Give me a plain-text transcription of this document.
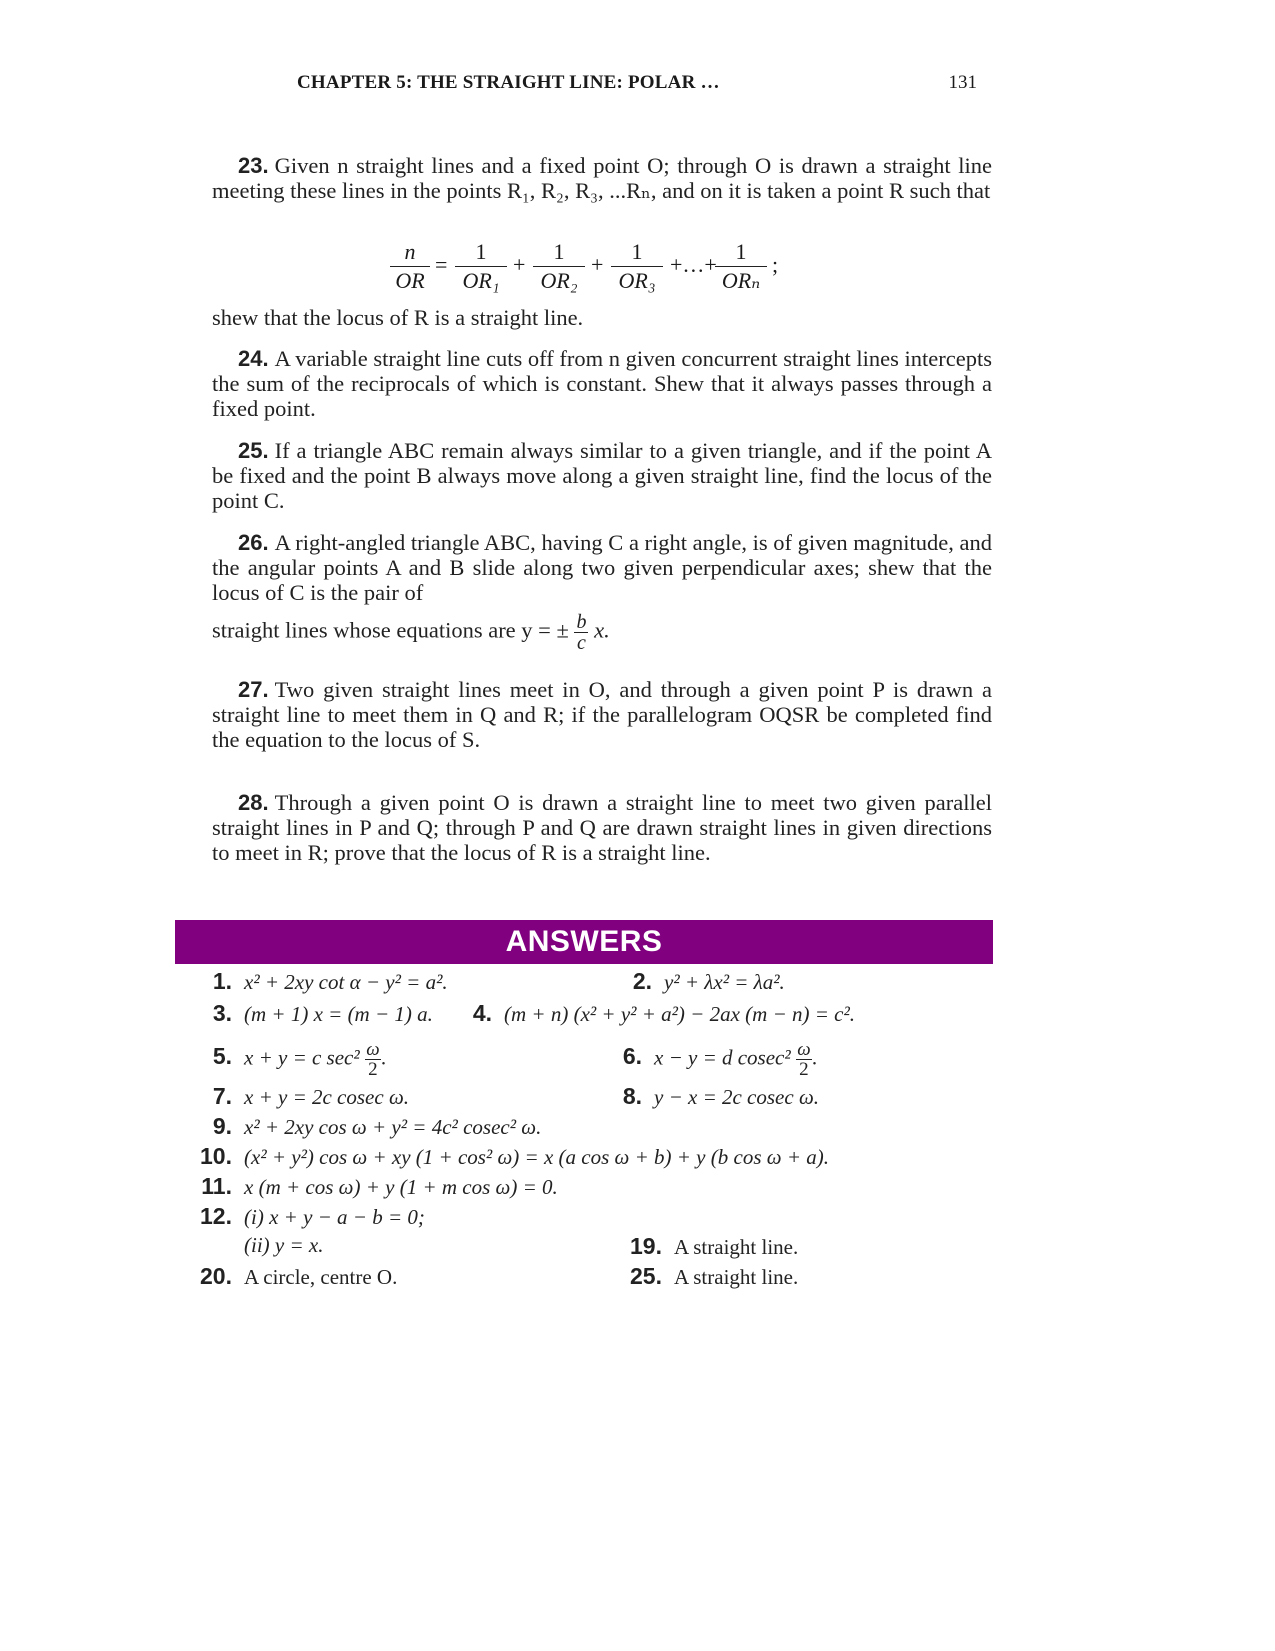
CHAPTER 5: THE STRAIGHT LINE: POLAR …	131
23. Given n straight lines and a fixed point O; through O is drawn a straight line meeting these lines in the points R₁, R₂, R₃, ...Rₙ, and on it is taken a point R such that
n
OR
=
1
OR₁
+
1
OR₂
+
1
OR₃
+…+
1
ORₙ
;
shew that the locus of R is a straight line.
24. A variable straight line cuts off from n given concurrent straight lines intercepts the sum of the reciprocals of which is constant. Shew that it always passes through a fixed point.
25. If a triangle ABC remain always similar to a given triangle, and if the point A be fixed and the point B always move along a given straight line, find the locus of the point C.
26. A right-angled triangle ABC, having C a right angle, is of given magnitude, and the angular points A and B slide along two given perpendicular axes; shew that the locus of C is the pair of
straight lines whose equations are y = ± $\frac{b}{c} x$.
27. Two given straight lines meet in O, and through a given point P is drawn a straight line to meet them in Q and R; if the parallelogram OQSR be completed find the equation to the locus of S.
28. Through a given point O is drawn a straight line to meet two given parallel straight lines in P and Q; through P and Q are drawn straight lines in given directions to meet in R; prove that the locus of R is a straight line.
ANSWERS
1. x² + 2xy cot α − y² = a².	2. y² + λx² = λa².
3. (m + 1) x = (m − 1) a.	4. (m + n) (x² + y² + a²) − 2ax (m − n) = c².
5. x + y = c $\sec^2 \frac{\omega}{2}$ .	6. x − y = d $cosec^2 \frac{\omega}{2}$ .
7. x + y = 2c cosec ω.	8. y − x = 2c cosec ω.
9. x² + 2xy cos ω + y² = 4c² cosec² ω.
10. (x² + y²) cos ω + xy (1 + cos² ω) = x (a cos ω + b) + y (b cos ω + a).
11. x (m + cos ω) + y (1 + m cos ω) = 0.
12. (i) x + y − a − b = 0;
(ii) y = x.	19. A straight line.
20. A circle, centre O.	25. A straight line.
